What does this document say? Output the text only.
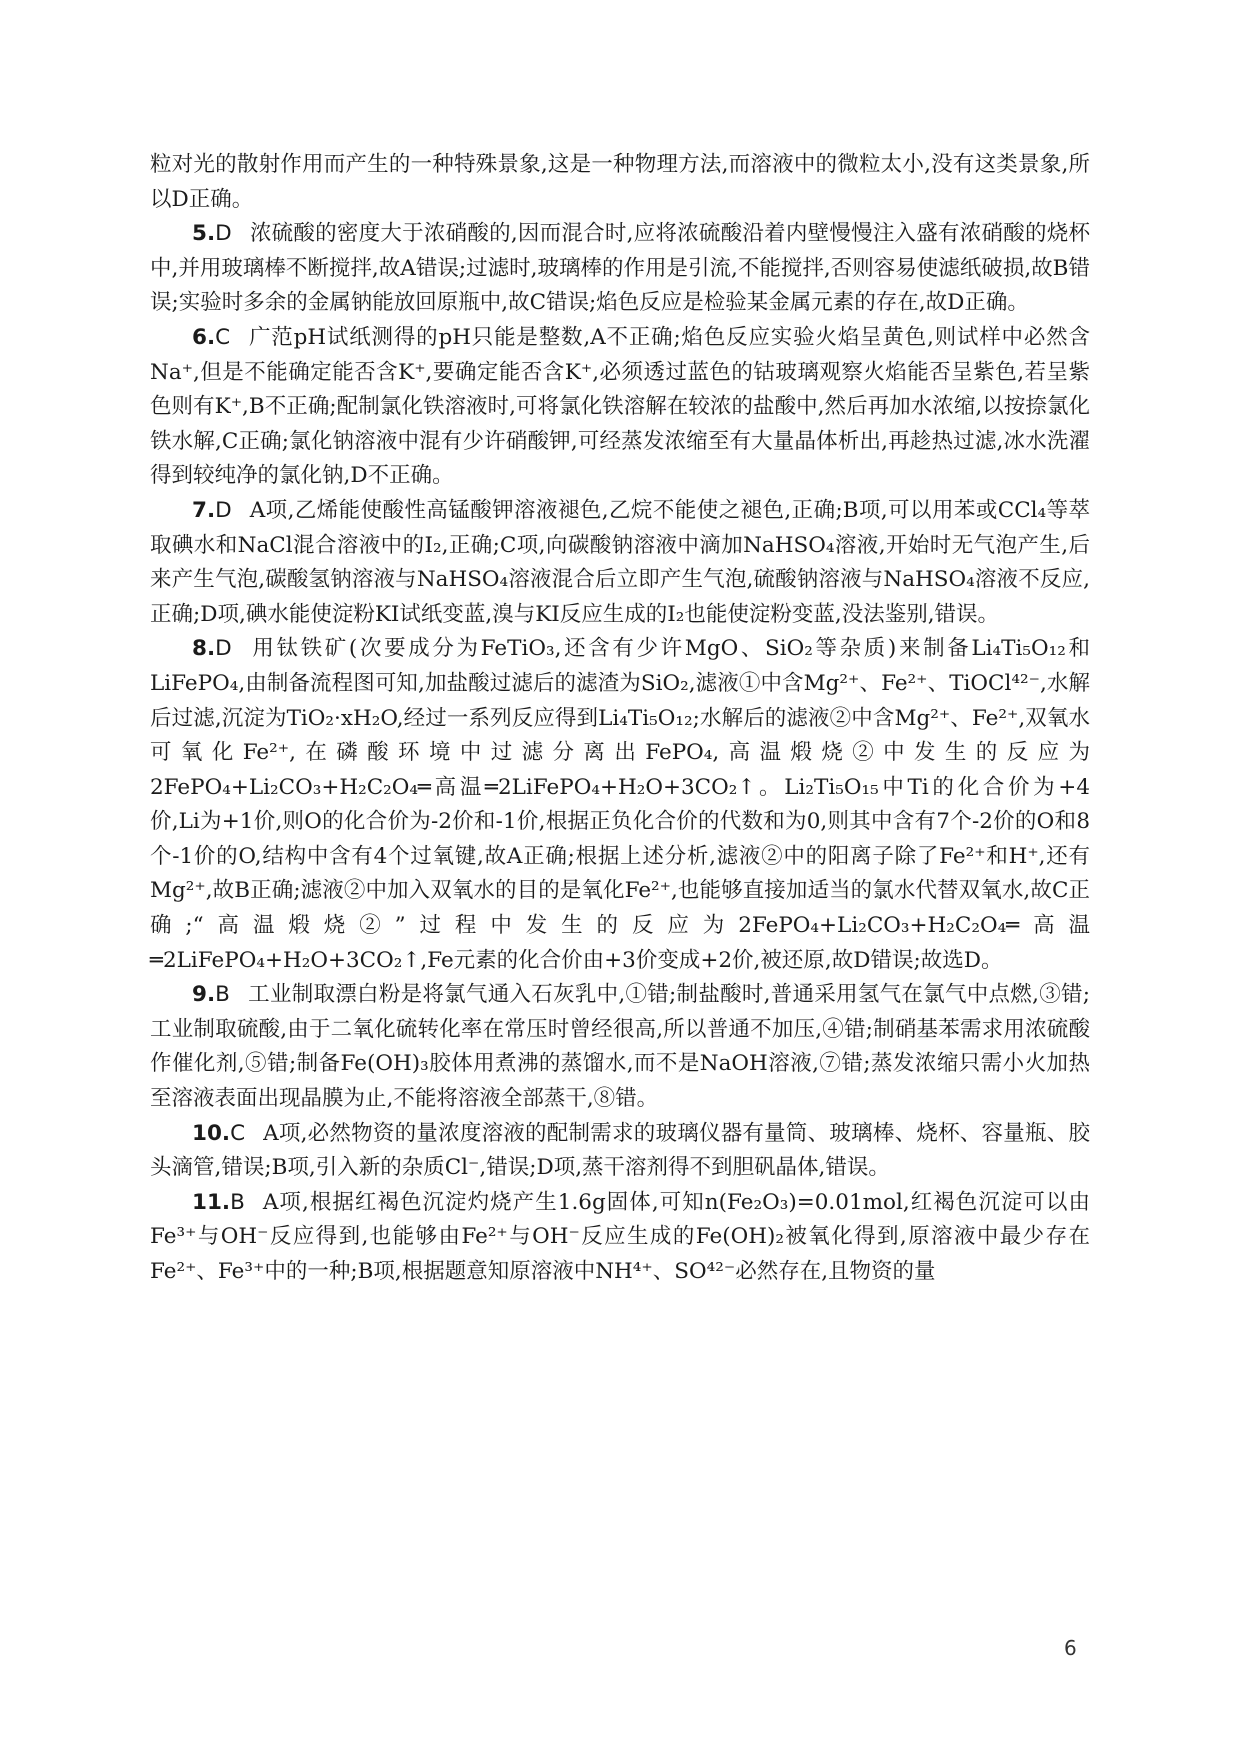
粒对光的散射作用而产生的一种特殊景象,这是一种物理方法,而溶液中的微粒太小,没有这类景象,所以D正确。

5.D 浓硫酸的密度大于浓硝酸的,因而混合时,应将浓硫酸沿着内壁慢慢注入盛有浓硝酸的烧杯中,并用玻璃棒不断搅拌,故A错误;过滤时,玻璃棒的作用是引流,不能搅拌,否则容易使滤纸破损,故B错误;实验时多余的金属钠能放回原瓶中,故C错误;焰色反应是检验某金属元素的存在,故D正确。

6.C 广范pH试纸测得的pH只能是整数,A不正确;焰色反应实验火焰呈黄色,则试样中必然含Na⁺,但是不能确定能否含K⁺,要确定能否含K⁺,必须透过蓝色的钴玻璃观察火焰能否呈紫色,若呈紫色则有K⁺,B不正确;配制氯化铁溶液时,可将氯化铁溶解在较浓的盐酸中,然后再加水浓缩,以按捺氯化铁水解,C正确;氯化钠溶液中混有少许硝酸钾,可经蒸发浓缩至有大量晶体析出,再趁热过滤,冰水洗濯得到较纯净的氯化钠,D不正确。

7.D A项,乙烯能使酸性高锰酸钾溶液褪色,乙烷不能使之褪色,正确;B项,可以用苯或CCl₄等萃取碘水和NaCl混合溶液中的I₂,正确;C项,向碳酸钠溶液中滴加NaHSO₄溶液,开始时无气泡产生,后来产生气泡,碳酸氢钠溶液与NaHSO₄溶液混合后立即产生气泡,硫酸钠溶液与NaHSO₄溶液不反应,正确;D项,碘水能使淀粉KI试纸变蓝,溴与KI反应生成的I₂也能使淀粉变蓝,没法鉴别,错误。

8.D 用钛铁矿(次要成分为FeTiO₃,还含有少许MgO、SiO₂等杂质)来制备Li₄Ti₅O₁₂和LiFePO₄,由制备流程图可知,加盐酸过滤后的滤渣为SiO₂,滤液①中含Mg²⁺、Fe²⁺、TiOCl⁴²⁻,水解后过滤,沉淀为TiO₂·xH₂O,经过一系列反应得到Li₄Ti₅O₁₂;水解后的滤液②中含Mg²⁺、Fe²⁺,双氧水可氧化Fe²⁺,在磷酸环境中过滤分离出FePO₄,高温煅烧②中发生的反应为2FePO₄+Li₂CO₃+H₂C₂O₄═高温═2LiFePO₄+H₂O+3CO₂↑。Li₂Ti₅O₁₅中Ti的化合价为+4价,Li为+1价,则O的化合价为-2价和-1价,根据正负化合价的代数和为0,则其中含有7个-2价的O和8个-1价的O,结构中含有4个过氧键,故A正确;根据上述分析,滤液②中的阳离子除了Fe²⁺和H⁺,还有Mg²⁺,故B正确;滤液②中加入双氧水的目的是氧化Fe²⁺,也能够直接加适当的氯水代替双氧水,故C正确;“高温煅烧②”过程中发生的反应为2FePO₄+Li₂CO₃+H₂C₂O₄═高温═2LiFePO₄+H₂O+3CO₂↑,Fe元素的化合价由+3价变成+2价,被还原,故D错误;故选D。

9.B 工业制取漂白粉是将氯气通入石灰乳中,①错;制盐酸时,普通采用氢气在氯气中点燃,③错;工业制取硫酸,由于二氧化硫转化率在常压时曾经很高,所以普通不加压,④错;制硝基苯需求用浓硫酸作催化剂,⑤错;制备Fe(OH)₃胶体用煮沸的蒸馏水,而不是NaOH溶液,⑦错;蒸发浓缩只需小火加热至溶液表面出现晶膜为止,不能将溶液全部蒸干,⑧错。

10.C A项,必然物资的量浓度溶液的配制需求的玻璃仪器有量筒、玻璃棒、烧杯、容量瓶、胶头滴管,错误;B项,引入新的杂质Cl⁻,错误;D项,蒸干溶剂得不到胆矾晶体,错误。

11.B A项,根据红褐色沉淀灼烧产生1.6g固体,可知n(Fe₂O₃)=0.01mol,红褐色沉淀可以由Fe³⁺与OH⁻反应得到,也能够由Fe²⁺与OH⁻反应生成的Fe(OH)₂被氧化得到,原溶液中最少存在Fe²⁺、Fe³⁺中的一种;B项,根据题意知原溶液中NH⁴⁺、SO⁴²⁻必然存在,且物资的量

6
